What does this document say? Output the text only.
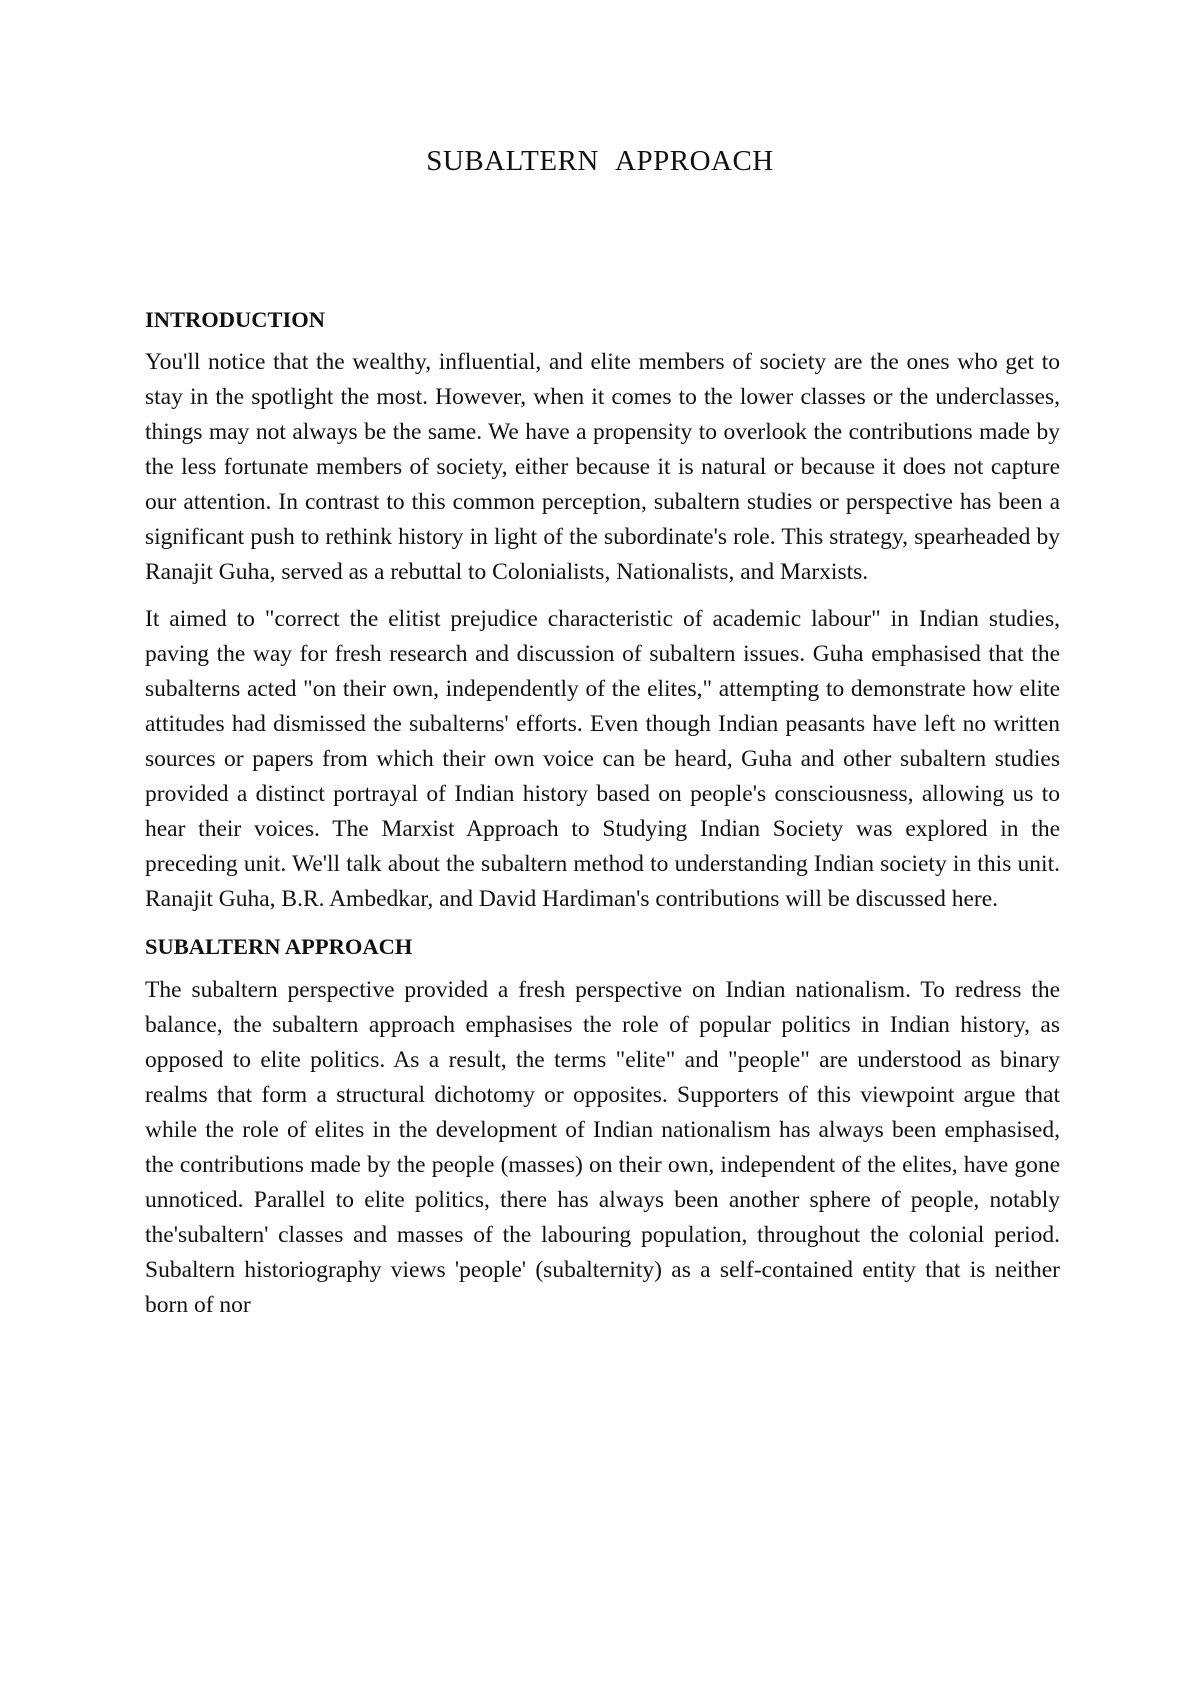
SUBALTERN APPROACH
INTRODUCTION

You'll notice that the wealthy, influential, and elite members of society are the ones who get to stay in the spotlight the most. However, when it comes to the lower classes or the underclasses, things may not always be the same. We have a propensity to overlook the contributions made by the less fortunate members of society, either because it is natural or because it does not capture our attention. In contrast to this common perception, subaltern studies or perspective has been a significant push to rethink history in light of the subordinate's role. This strategy, spearheaded by Ranajit Guha, served as a rebuttal to Colonialists, Nationalists, and Marxists.

It aimed to "correct the elitist prejudice characteristic of academic labour" in Indian studies, paving the way for fresh research and discussion of subaltern issues. Guha emphasised that the subalterns acted "on their own, independently of the elites," attempting to demonstrate how elite attitudes had dismissed the subalterns' efforts. Even though Indian peasants have left no written sources or papers from which their own voice can be heard, Guha and other subaltern studies provided a distinct portrayal of Indian history based on people's consciousness, allowing us to hear their voices. The Marxist Approach to Studying Indian Society was explored in the preceding unit. We'll talk about the subaltern method to understanding Indian society in this unit. Ranajit Guha, B.R. Ambedkar, and David Hardiman's contributions will be discussed here.

SUBALTERN APPROACH

The subaltern perspective provided a fresh perspective on Indian nationalism. To redress the balance, the subaltern approach emphasises the role of popular politics in Indian history, as opposed to elite politics. As a result, the terms "elite" and "people" are understood as binary realms that form a structural dichotomy or opposites. Supporters of this viewpoint argue that while the role of elites in the development of Indian nationalism has always been emphasised, the contributions made by the people (masses) on their own, independent of the elites, have gone unnoticed. Parallel to elite politics, there has always been another sphere of people, notably the'subaltern' classes and masses of the labouring population, throughout the colonial period. Subaltern historiography views 'people' (subalternity) as a self-contained entity that is neither born of nor
